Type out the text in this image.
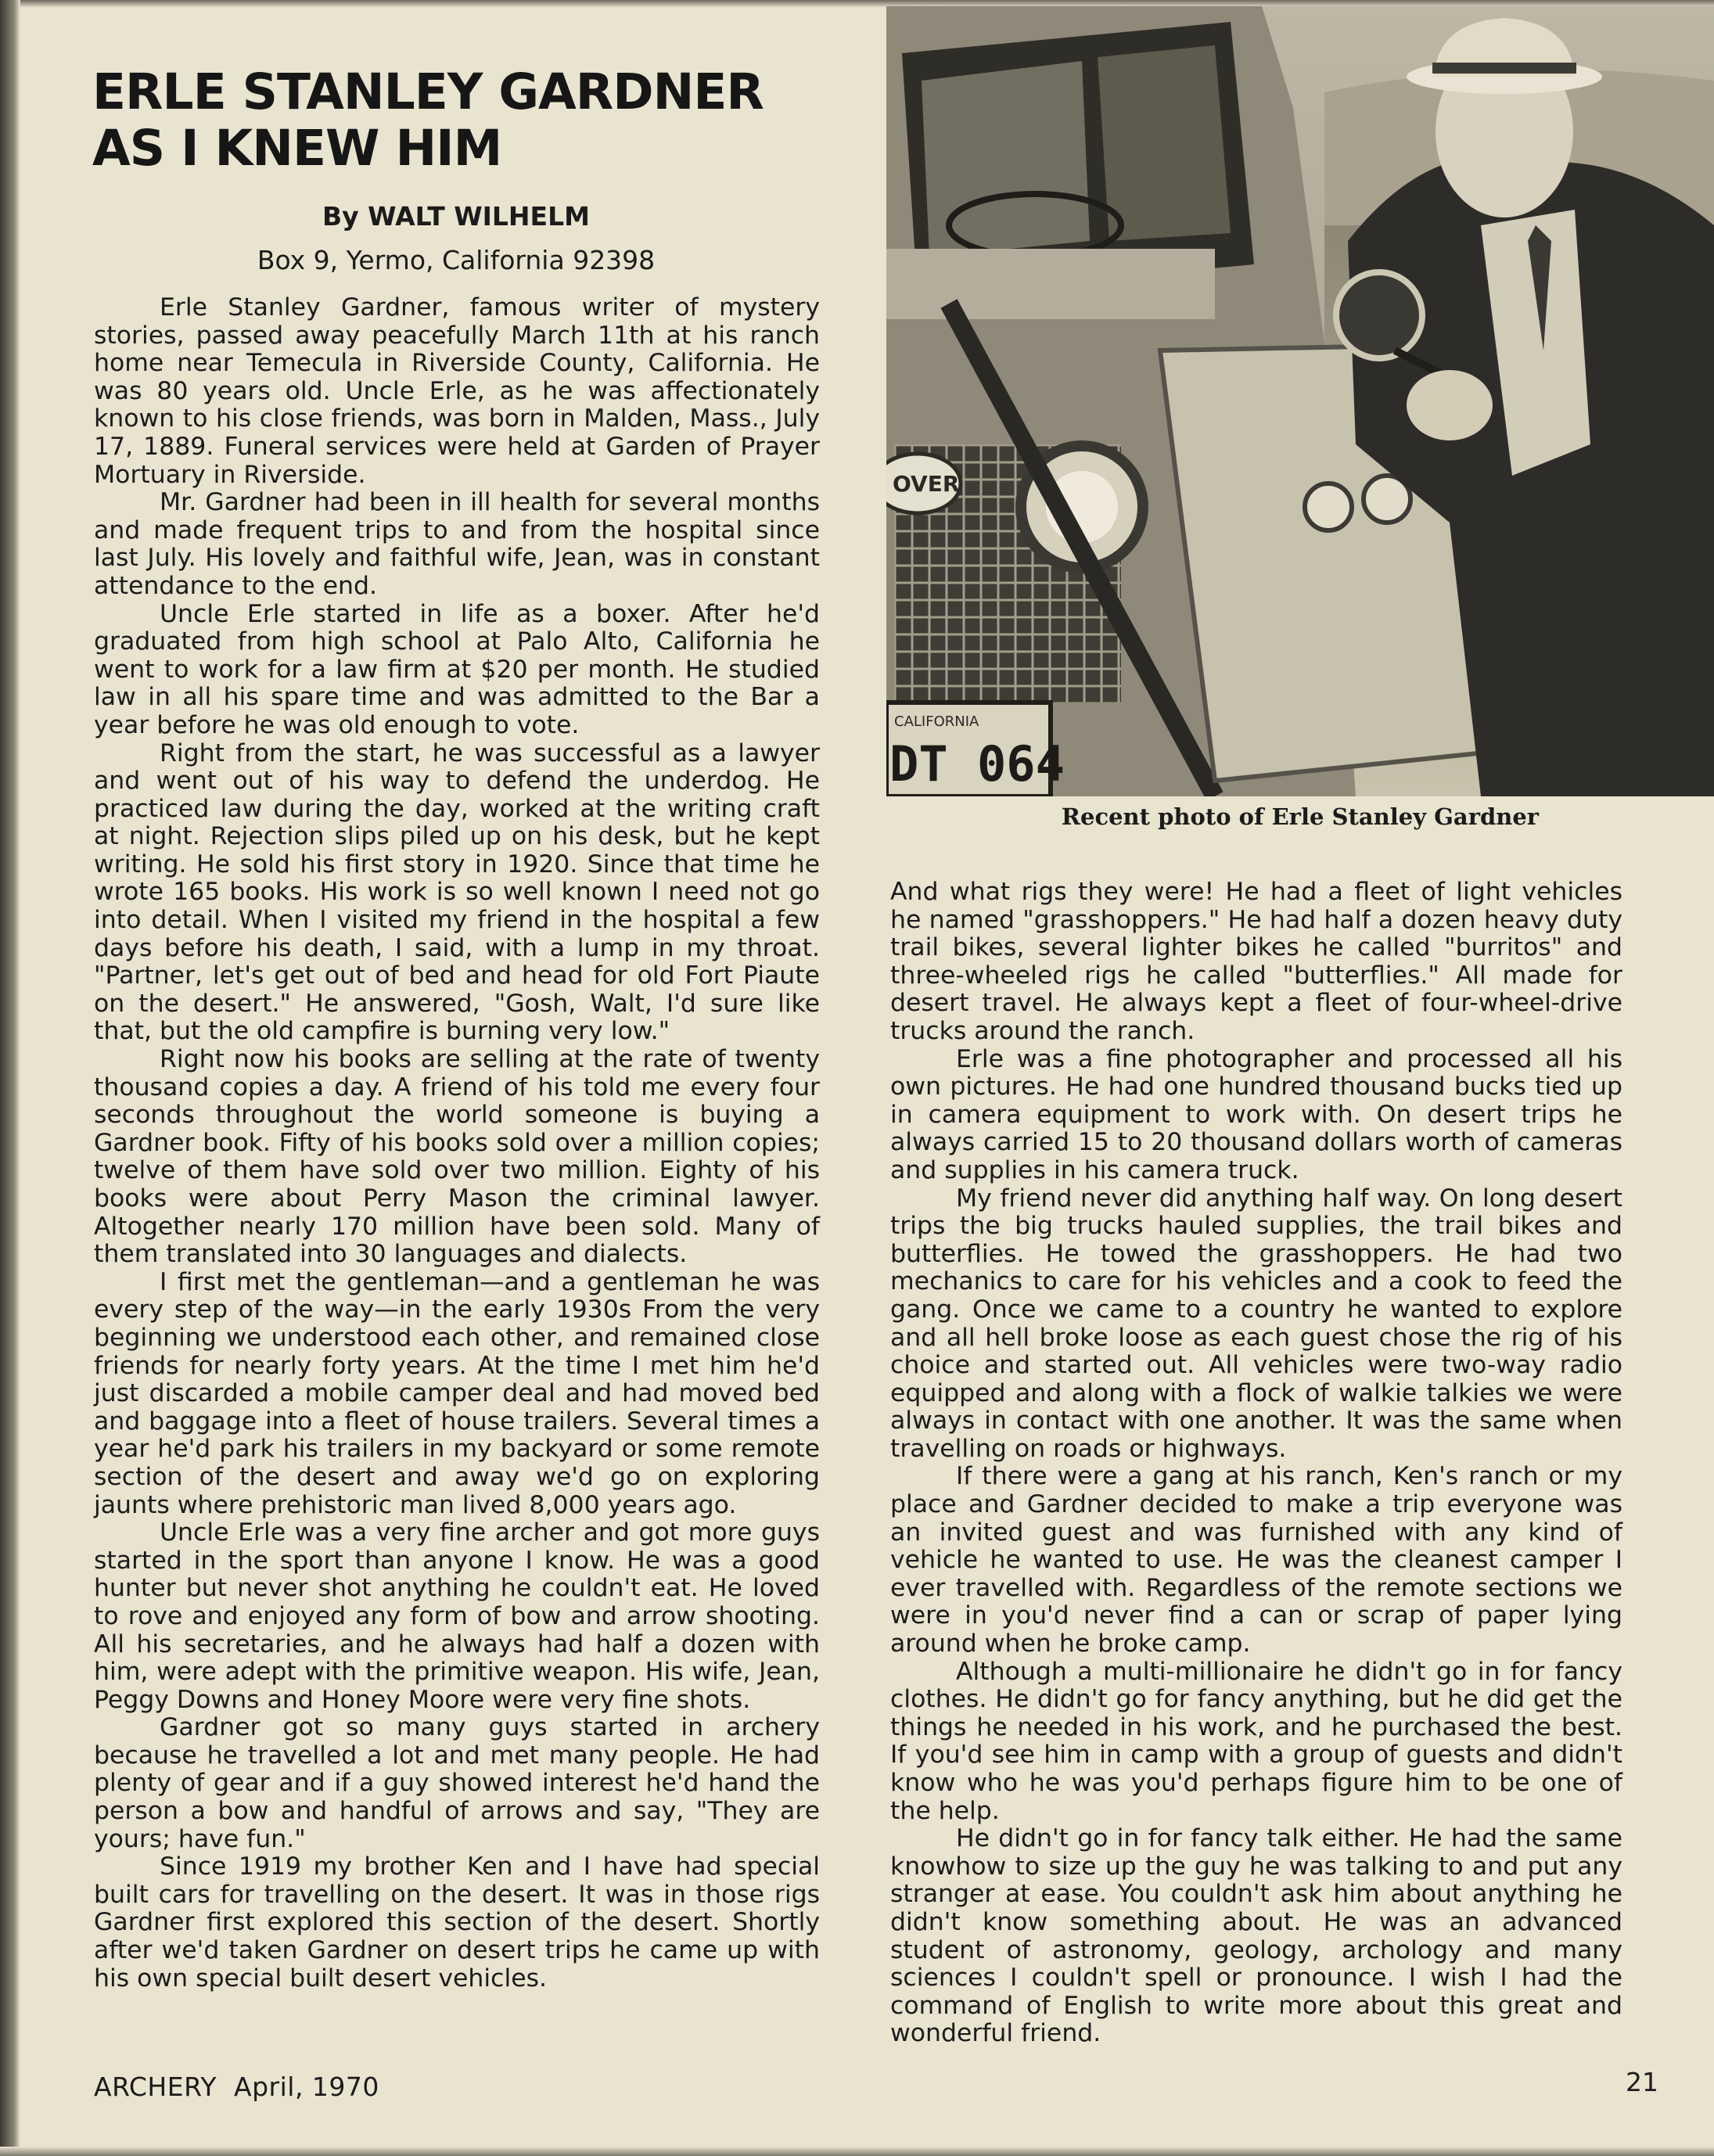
ERLE STANLEY GARDNER
AS I KNEW HIM
By WALT WILHELM
Box 9, Yermo, California 92398

Erle Stanley Gardner, famous writer of mystery stories, passed away peacefully March 11th at his ranch home near Temecula in Riverside County, California. He was 80 years old. Uncle Erle, as he was affectionately known to his close friends, was born in Malden, Mass., July 17, 1889. Funeral services were held at Garden of Prayer Mortuary in Riverside.

Mr. Gardner had been in ill health for several months and made frequent trips to and from the hospital since last July. His lovely and faithful wife, Jean, was in constant attendance to the end.

Uncle Erle started in life as a boxer. After he'd graduated from high school at Palo Alto, California he went to work for a law firm at $20 per month. He studied law in all his spare time and was admitted to the Bar a year before he was old enough to vote.

Right from the start, he was successful as a lawyer and went out of his way to defend the underdog. He practiced law during the day, worked at the writing craft at night. Rejection slips piled up on his desk, but he kept writing. He sold his first story in 1920. Since that time he wrote 165 books. His work is so well known I need not go into detail. When I visited my friend in the hospital a few days before his death, I said, with a lump in my throat. "Partner, let's get out of bed and head for old Fort Piaute on the desert." He answered, "Gosh, Walt, I'd sure like that, but the old campfire is burning very low."

Right now his books are selling at the rate of twenty thousand copies a day. A friend of his told me every four seconds throughout the world someone is buying a Gardner book. Fifty of his books sold over a million copies; twelve of them have sold over two million. Eighty of his books were about Perry Mason the criminal lawyer. Altogether nearly 170 million have been sold. Many of them translated into 30 languages and dialects.

I first met the gentleman—and a gentleman he was every step of the way—in the early 1930s From the very beginning we understood each other, and remained close friends for nearly forty years. At the time I met him he'd just discarded a mobile camper deal and had moved bed and baggage into a fleet of house trailers. Several times a year he'd park his trailers in my backyard or some remote section of the desert and away we'd go on exploring jaunts where prehistoric man lived 8,000 years ago.

Uncle Erle was a very fine archer and got more guys started in the sport than anyone I know. He was a good hunter but never shot anything he couldn't eat. He loved to rove and enjoyed any form of bow and arrow shooting. All his secretaries, and he always had half a dozen with him, were adept with the primitive weapon. His wife, Jean, Peggy Downs and Honey Moore were very fine shots.

Gardner got so many guys started in archery because he travelled a lot and met many people. He had plenty of gear and if a guy showed interest he'd hand the person a bow and handful of arrows and say, "They are yours; have fun."

Since 1919 my brother Ken and I have had special built cars for travelling on the desert. It was in those rigs Gardner first explored this section of the desert. Shortly after we'd taken Gardner on desert trips he came up with his own special built desert vehicles.

OVER
CALIFORNIA
DT 064
Recent photo of Erle Stanley Gardner

And what rigs they were! He had a fleet of light vehicles he named "grasshoppers." He had half a dozen heavy duty trail bikes, several lighter bikes he called "burritos" and three-wheeled rigs he called "butterflies." All made for desert travel. He always kept a fleet of four-wheel-drive trucks around the ranch.

Erle was a fine photographer and processed all his own pictures. He had one hundred thousand bucks tied up in camera equipment to work with. On desert trips he always carried 15 to 20 thousand dollars worth of cameras and supplies in his camera truck.

My friend never did anything half way. On long desert trips the big trucks hauled supplies, the trail bikes and butterflies. He towed the grasshoppers. He had two mechanics to care for his vehicles and a cook to feed the gang. Once we came to a country he wanted to explore and all hell broke loose as each guest chose the rig of his choice and started out. All vehicles were two-way radio equipped and along with a flock of walkie talkies we were always in contact with one another. It was the same when travelling on roads or highways.

If there were a gang at his ranch, Ken's ranch or my place and Gardner decided to make a trip everyone was an invited guest and was furnished with any kind of vehicle he wanted to use. He was the cleanest camper I ever travelled with. Regardless of the remote sections we were in you'd never find a can or scrap of paper lying around when he broke camp.

Although a multi-millionaire he didn't go in for fancy clothes. He didn't go for fancy anything, but he did get the things he needed in his work, and he purchased the best. If you'd see him in camp with a group of guests and didn't know who he was you'd perhaps figure him to be one of the help.

He didn't go in for fancy talk either. He had the same knowhow to size up the guy he was talking to and put any stranger at ease. You couldn't ask him about anything he didn't know something about. He was an advanced student of astronomy, geology, archology and many sciences I couldn't spell or pronounce. I wish I had the command of English to write more about this great and wonderful friend.

ARCHERY  April, 1970	21
